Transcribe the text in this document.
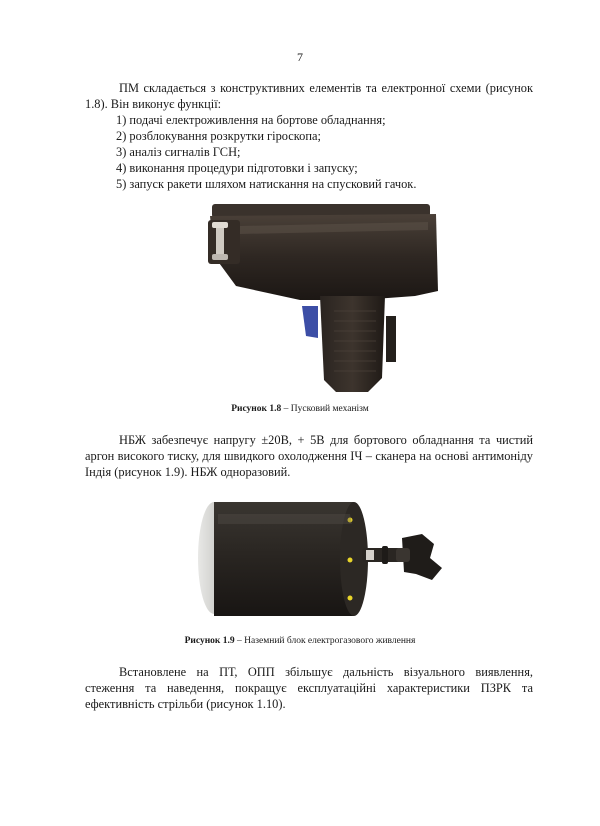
7

ПМ складається з конструктивних елементів та електронної схеми (рисунок 1.8). Він виконує функції:

1) подачі електроживлення на бортове обладнання;
2) розблокування розкрутки гіроскопа;
3) аналіз сигналів ГСН;
4) виконання процедури підготовки і запуску;
5) запуск ракети шляхом натискання на спусковий гачок.
Рисунок 1.8 – Пусковий механізм

НБЖ забезпечує напругу ±20В, + 5В для бортового обладнання та чистий аргон високого тиску, для швидкого охолодження ІЧ – сканера на основі антимоніду Індія (рисунок 1.9). НБЖ одноразовий.

Рисунок 1.9 – Наземний блок електрогазового живлення

Встановлене на ПТ, ОПП збільшує дальність візуального виявлення, стеження та наведення, покращує експлуатаційні характеристики ПЗРК та ефективність стрільби (рисунок 1.10).
